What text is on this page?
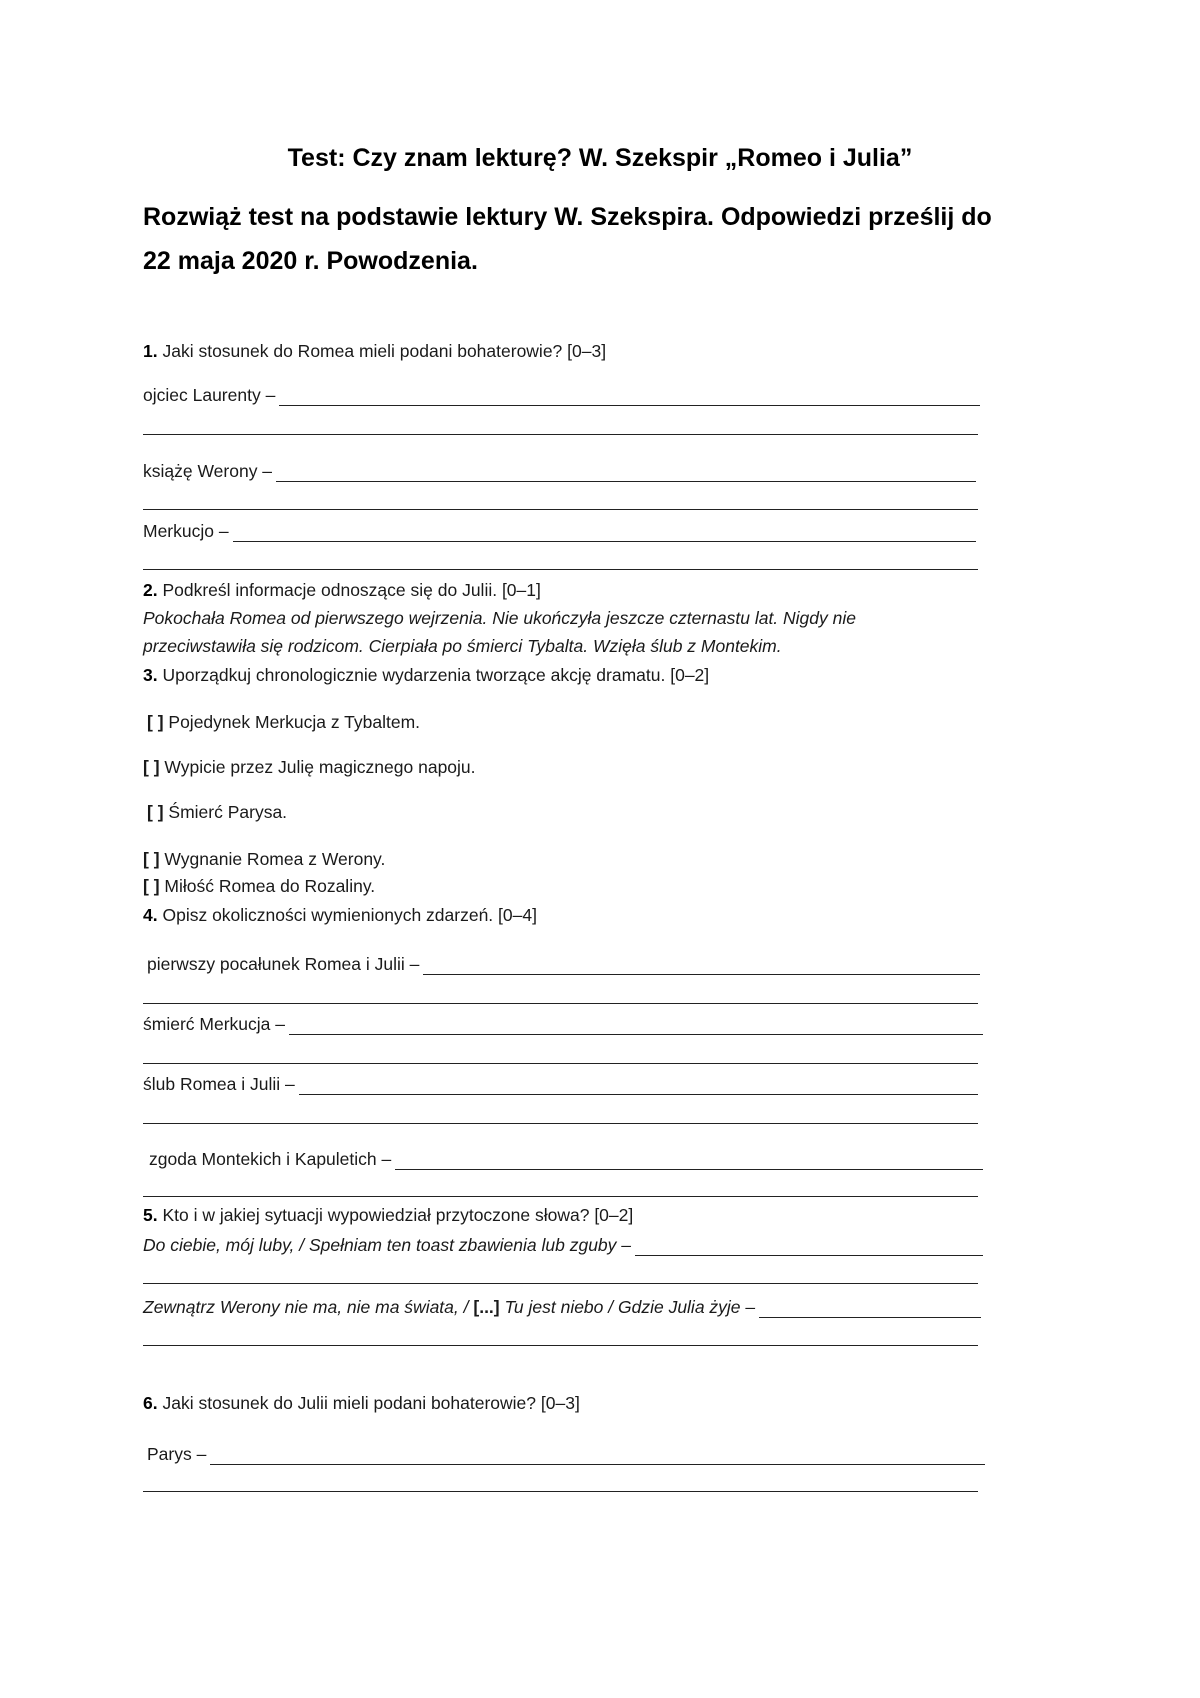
Test: Czy znam lekturę? W. Szekspir „Romeo i Julia”
Rozwiąż test na podstawie lektury W. Szekspira. Odpowiedzi prześlij do
22 maja 2020 r. Powodzenia.
1. Jaki stosunek do Romea mieli podani bohaterowie? [0–3]
ojciec Laurenty –
książę Werony –
Merkucjo –
2. Podkreśl informacje odnoszące się do Julii. [0–1]
Pokochała Romea od pierwszego wejrzenia. Nie ukończyła jeszcze czternastu lat. Nigdy nie
przeciwstawiła się rodzicom. Cierpiała po śmierci Tybalta. Wzięła ślub z Montekim.
3. Uporządkuj chronologicznie wydarzenia tworzące akcję dramatu. [0–2]
[ ] Pojedynek Merkucja z Tybaltem.
[ ] Wypicie przez Julię magicznego napoju.
[ ] Śmierć Parysa.
[ ] Wygnanie Romea z Werony.
[ ] Miłość Romea do Rozaliny.
4. Opisz okoliczności wymienionych zdarzeń. [0–4]
pierwszy pocałunek Romea i Julii –
śmierć Merkucja –
ślub Romea i Julii –
zgoda Montekich i Kapuletich –
5. Kto i w jakiej sytuacji wypowiedział przytoczone słowa? [0–2]
Do ciebie, mój luby, / Spełniam ten toast zbawienia lub zguby –
Zewnątrz Werony nie ma, nie ma świata, / [...] Tu jest niebo / Gdzie Julia żyje –
6. Jaki stosunek do Julii mieli podani bohaterowie? [0–3]
Parys –
